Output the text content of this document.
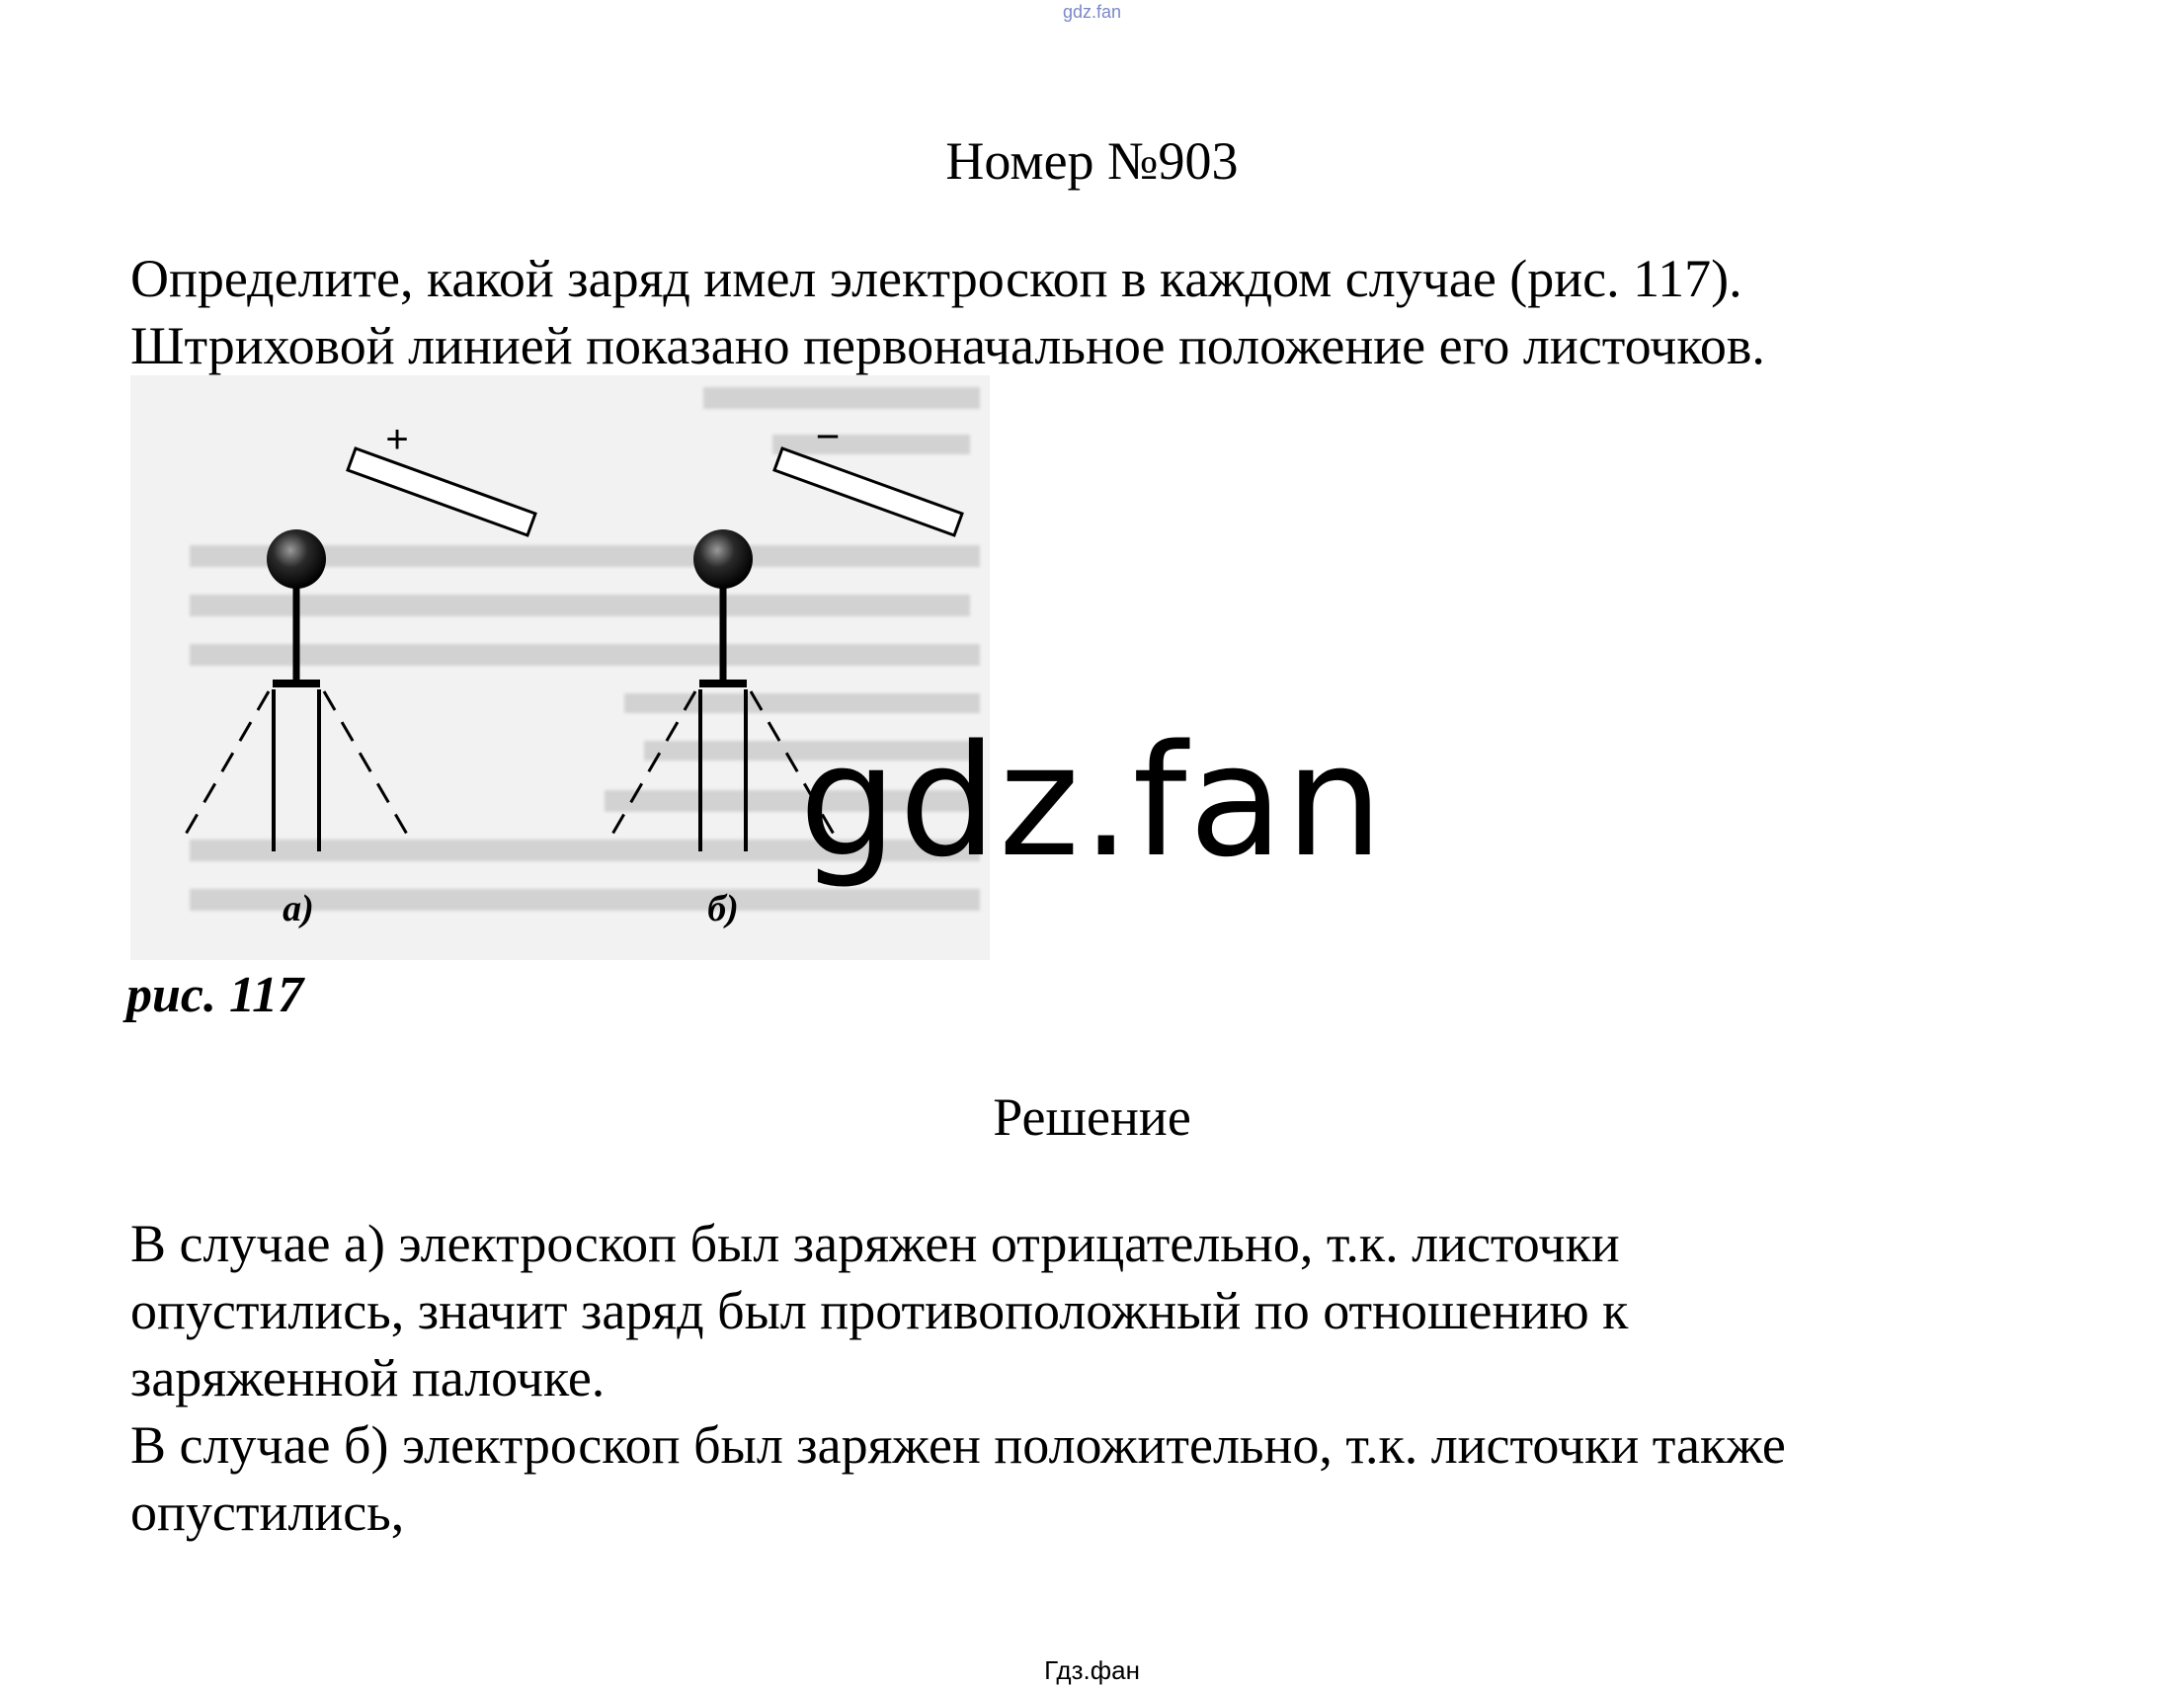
gdz.fan
Номер №903
Определите, какой заряд имел электроскоп в каждом случае (рис. 117).
Штриховой линией показано первоначальное положение его листочков.
+
а)
−
б)
рис. 117
gdz.fan
Решение
В случае а) электроскоп был заряжен отрицательно, т.к. листочки
опустились, значит заряд был противоположный по отношению к
заряженной палочке.
В случае б) электроскоп был заряжен положительно, т.к. листочки также
опустились,
Гдз.фан
